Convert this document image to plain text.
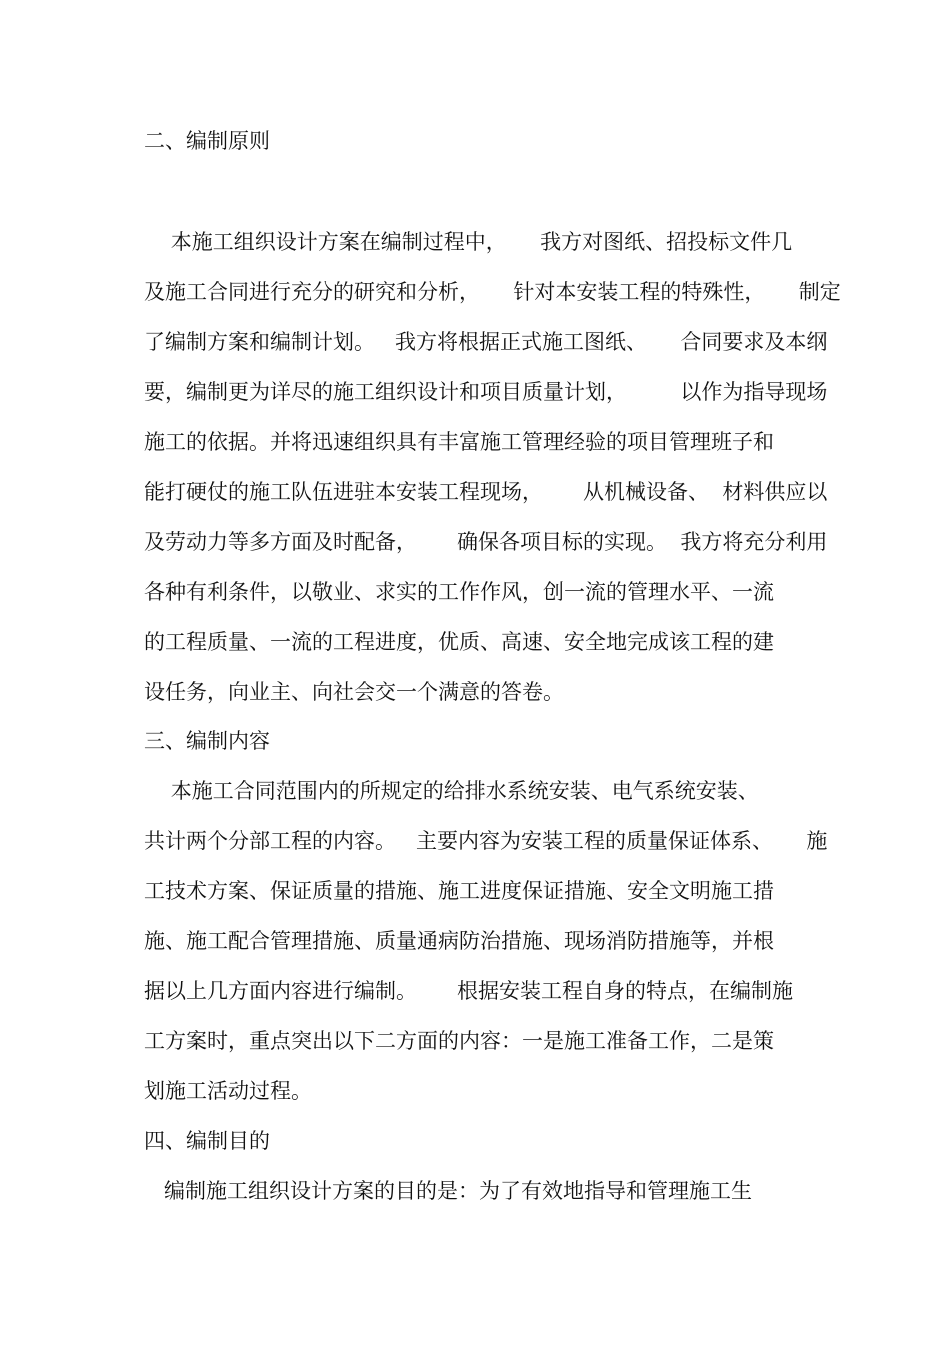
二、编制原则
本施工组织设计方案在编制过程中，     我方对图纸、招投标文件几
及施工合同进行充分的研究和分析，     针对本安装工程的特殊性，     制定
了编制方案和编制计划。   我方将根据正式施工图纸、     合同要求及本纲
要，编制更为详尽的施工组织设计和项目质量计划，        以作为指导现场
施工的依据。并将迅速组织具有丰富施工管理经验的项目管理班子和
能打硬仗的施工队伍进驻本安装工程现场，      从机械设备、  材料供应以
及劳动力等多方面及时配备，      确保各项目标的实现。  我方将充分利用
各种有利条件，以敬业、求实的工作作风，创一流的管理水平、一流
的工程质量、一流的工程进度，优质、高速、安全地完成该工程的建
设任务，向业主、向社会交一个满意的答卷。
三、编制内容
本施工合同范围内的所规定的给排水系统安装、电气系统安装、
共计两个分部工程的内容。   主要内容为安装工程的质量保证体系、     施
工技术方案、保证质量的措施、施工进度保证措施、安全文明施工措
施、施工配合管理措施、质量通病防治措施、现场消防措施等，并根
据以上几方面内容进行编制。      根据安装工程自身的特点，在编制施
工方案时，重点突出以下二方面的内容：一是施工准备工作，二是策
划施工活动过程。
四、编制目的
编制施工组织设计方案的目的是：为了有效地指导和管理施工生
